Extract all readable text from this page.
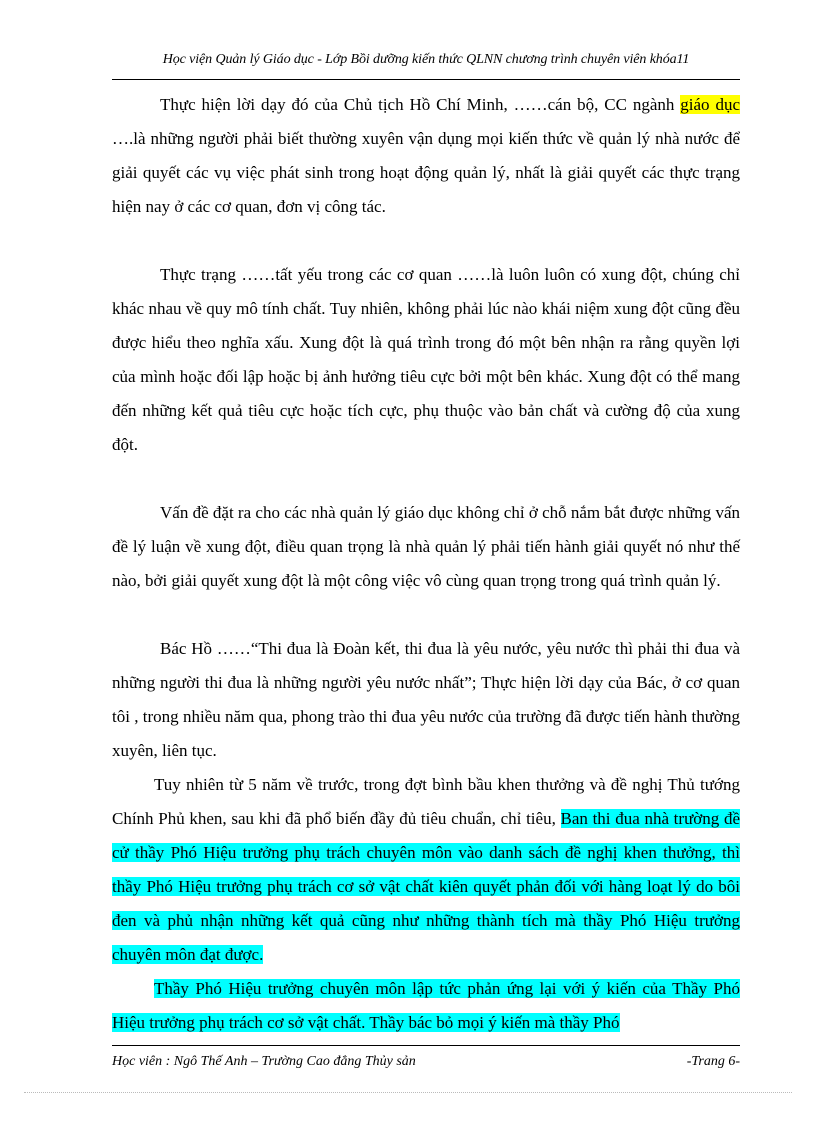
Học viện Quản lý Giáo dục - Lớp Bồi dưỡng kiến thức QLNN chương trình chuyên viên khóa11

Thực hiện lời dạy đó của Chủ tịch Hồ Chí Minh, ……cán bộ, CC ngành giáo dục ….là những người phải biết thường xuyên vận dụng mọi kiến thức về quản lý nhà nước để giải quyết các vụ việc phát sinh trong hoạt động quản lý, nhất là giải quyết các thực trạng hiện nay ở các cơ quan, đơn vị công tác.

Thực trạng ……tất yếu trong các cơ quan ……là luôn luôn có xung đột, chúng chỉ khác nhau về quy mô tính chất. Tuy nhiên, không phải lúc nào khái niệm xung đột cũng đều được hiểu theo nghĩa xấu. Xung đột là quá trình trong đó một bên nhận ra rằng quyền lợi của mình hoặc đối lập hoặc bị ảnh hưởng tiêu cực bởi một bên khác. Xung đột có thể mang đến những kết quả tiêu cực hoặc tích cực, phụ thuộc vào bản chất và cường độ của xung đột.

Vấn đề đặt ra cho các nhà quản lý giáo dục không chỉ ở chỗ nắm bắt được những vấn đề lý luận về xung đột, điều quan trọng là nhà quản lý phải tiến hành giải quyết nó như thế nào, bởi giải quyết xung đột là một công việc vô cùng quan trọng trong quá trình quản lý.

Bác Hồ ……“Thi đua là Đoàn kết, thi đua là yêu nước, yêu nước thì phải thi đua và những người thi đua là những người yêu nước nhất”; Thực hiện lời dạy của Bác, ở cơ quan tôi , trong nhiều năm qua, phong trào thi đua yêu nước của trường đã được tiến hành thường xuyên, liên tục.

Tuy nhiên từ 5 năm về trước, trong đợt bình bầu khen thưởng và đề nghị Thủ tướng Chính Phủ khen, sau khi đã phổ biến đầy đủ tiêu chuẩn, chỉ tiêu, Ban thi đua nhà trường đề cử thầy Phó Hiệu trưởng phụ trách chuyên môn vào danh sách đề nghị khen thưởng, thì thầy Phó Hiệu trưởng phụ trách cơ sở vật chất kiên quyết phản đối với hàng loạt lý do bôi đen và phủ nhận những kết quả cũng như những thành tích mà thầy Phó Hiệu trưởng chuyên môn đạt được.

Thầy Phó Hiệu trưởng chuyên môn lập tức phản ứng lại với ý kiến của Thầy Phó Hiệu trưởng phụ trách cơ sở vật chất. Thầy bác bỏ mọi ý kiến mà thầy Phó

Học viên : Ngô Thế Anh – Trường Cao đẳng Thủy sản	-Trang 6-
